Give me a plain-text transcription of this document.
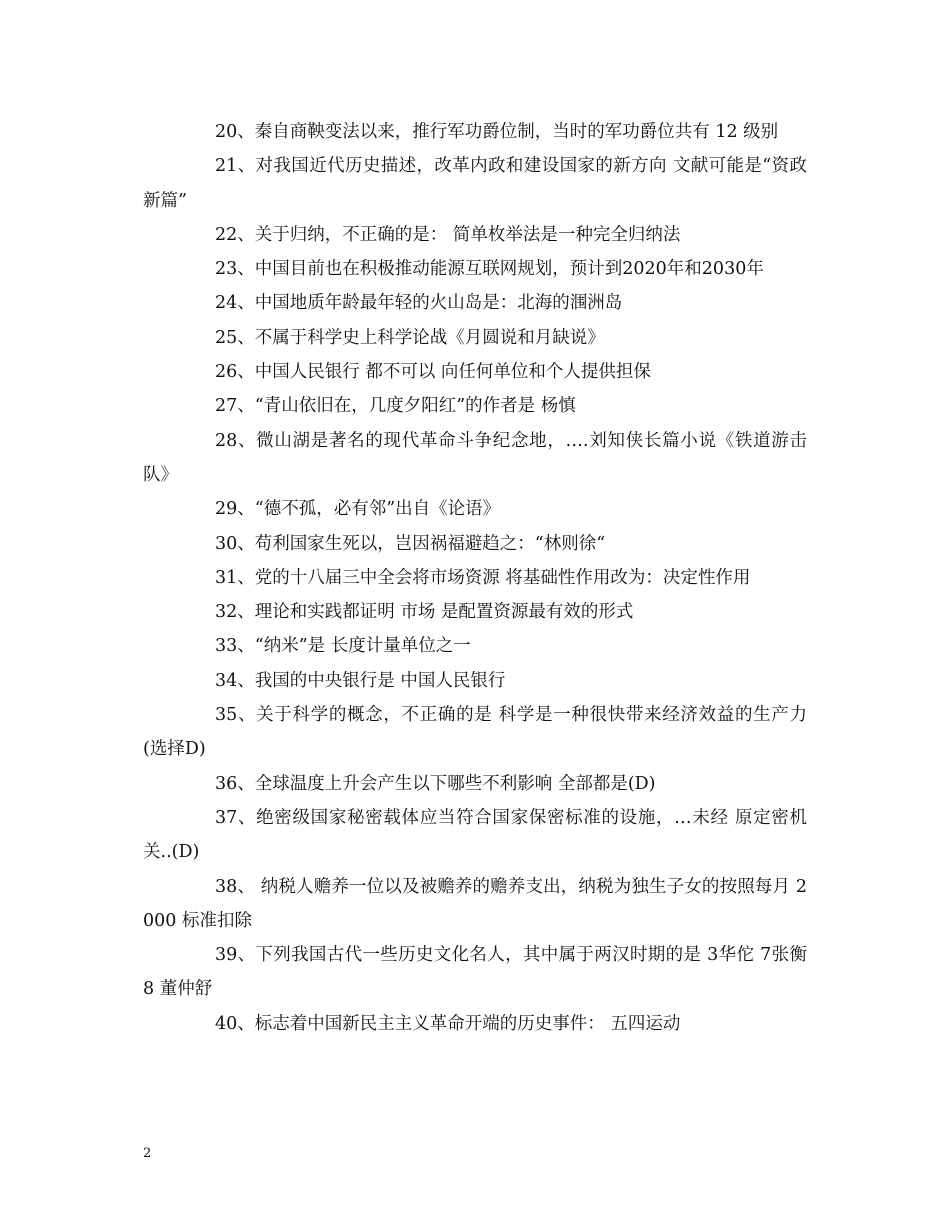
20、秦自商鞅变法以来，推行军功爵位制，当时的军功爵位共有 12 级别

21、对我国近代历史描述，改革内政和建设国家的新方向 文献可能是“资政新篇”

22、关于归纳，不正确的是： 简单枚举法是一种完全归纳法

23、中国目前也在积极推动能源互联网规划，预计到2020年和2030年

24、中国地质年龄最年轻的火山岛是：北海的涠洲岛

25、不属于科学史上科学论战《月圆说和月缺说》

26、中国人民银行 都不可以 向任何单位和个人提供担保

27、“青山依旧在，几度夕阳红”的作者是 杨慎

28、微山湖是著名的现代革命斗争纪念地，….刘知侠长篇小说《铁道游击队》

29、“德不孤，必有邻”出自《论语》

30、苟利国家生死以，岂因祸福避趋之：“林则徐“

31、党的十八届三中全会将市场资源 将基础性作用改为：决定性作用

32、理论和实践都证明 市场 是配置资源最有效的形式

33、“纳米”是 长度计量单位之一

34、我国的中央银行是 中国人民银行

35、关于科学的概念，不正确的是 科学是一种很快带来经济效益的生产力(选择D)

36、全球温度上升会产生以下哪些不利影响 全部都是(D)

37、绝密级国家秘密载体应当符合国家保密标准的设施，…未经 原定密机关..(D)

38、 纳税人赡养一位以及被赡养的赡养支出，纳税为独生子女的按照每月 2000 标准扣除

39、下列我国古代一些历史文化名人，其中属于两汉时期的是 3华佗 7张衡 8 董仲舒

40、标志着中国新民主主义革命开端的历史事件： 五四运动

2
